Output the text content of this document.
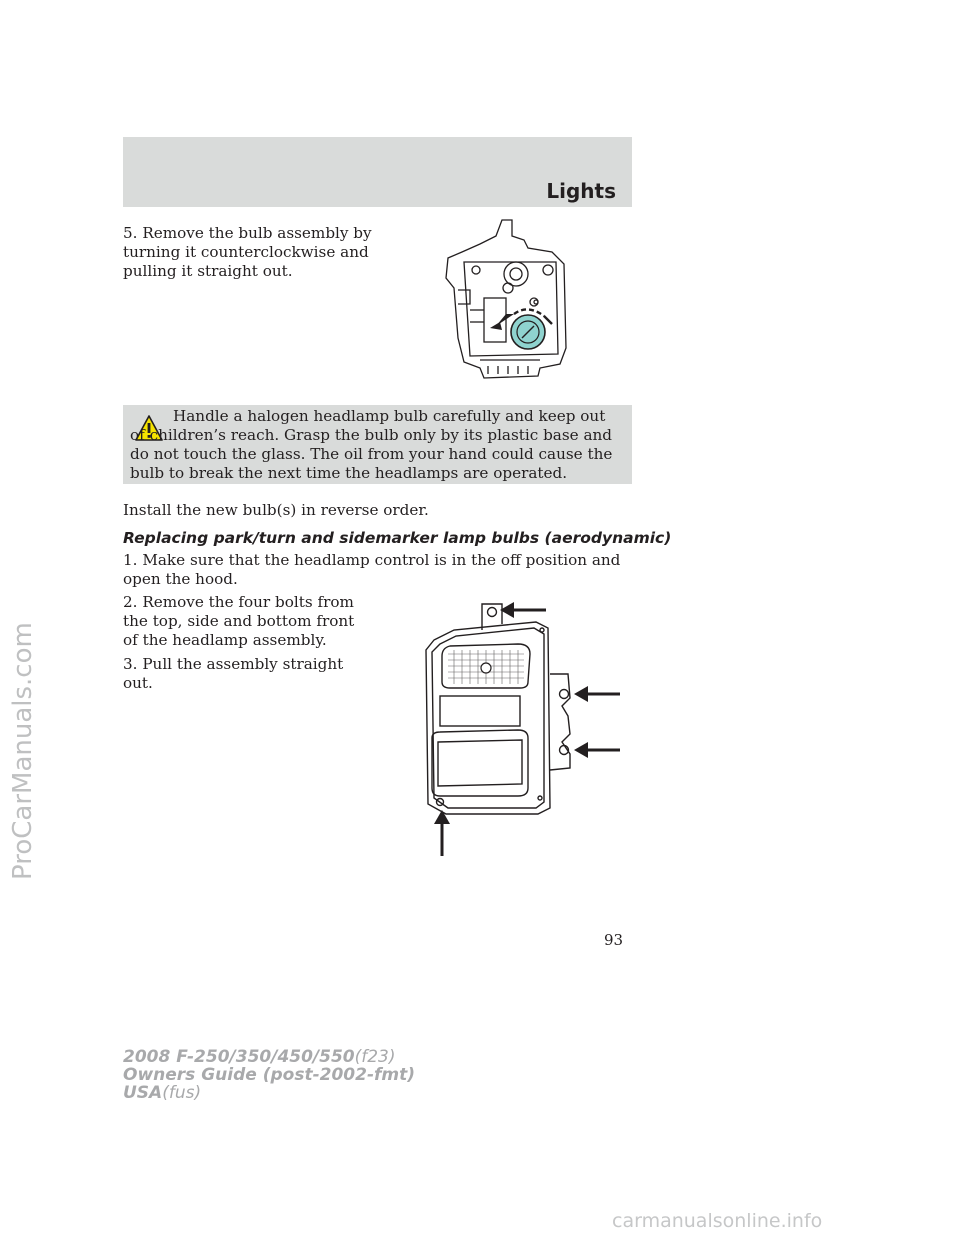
Lights

5. Remove the bulb assembly by turning it counterclockwise and pulling it straight out.

Handle a halogen headlamp bulb carefully and keep out of children’s reach. Grasp the bulb only by its plastic base and do not touch the glass. The oil from your hand could cause the bulb to break the next time the headlamps are operated.

Install the new bulb(s) in reverse order.

Replacing park/turn and sidemarker lamp bulbs (aerodynamic)

1. Make sure that the headlamp control is in the off position and open the hood.

2. Remove the four bolts from the top, side and bottom front of the headlamp assembly.

3. Pull the assembly straight out.

93
2008 F-250/350/450/550(f23)
Owners Guide (post-2002-fmt)
USA(fus)
ProCarManuals.com
carmanualsonline.info
